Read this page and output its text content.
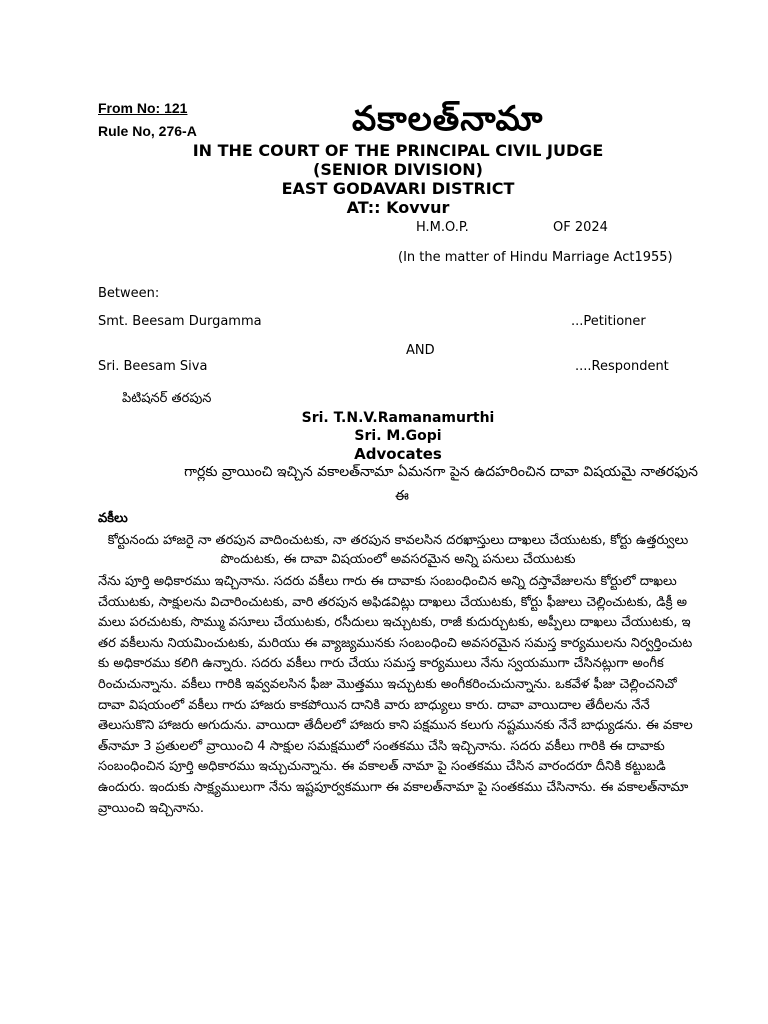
From No: 121
Rule No, 276-A	వకాలత్‌నామా
IN THE COURT OF THE PRINCIPAL CIVIL JUDGE
(SENIOR DIVISION)
EAST GODAVARI DISTRICT
AT:: Kovvur
H.M.O.P.	OF 2024
(In the matter of Hindu Marriage Act1955)
Between:
Smt. Beesam Durgamma	...Petitioner
AND
Sri. Beesam Siva	....Respondent
పిటిషనర్ తరపున
Sri. T.N.V.Ramanamurthi
Sri. M.Gopi
Advocates
గార్లకు వ్రాయించి ఇచ్చిన వకాలత్‌నామా ఏమనగా పైన ఉదహరించిన దావా విషయమై నాతరఫున
ఈ
వకీలు
కోర్టునందు హాజరై నా తరపున వాదించుటకు, నా తరపున కావలసిన దరఖాస్తులు దాఖలు చేయుటకు, కోర్టు ఉత్తర్వులు పొందుటకు, ఈ దావా విషయంలో అవసరమైన అన్ని పనులు చేయుటకు
నేను పూర్తి అధికారము ఇచ్చినాను. సదరు వకీలు గారు ఈ దావాకు సంబంధించిన అన్ని దస్తావేజులను కోర్టులో దాఖలు చేయుటకు, సాక్షులను విచారించుటకు, వారి తరపున అఫిడవిట్లు దాఖలు చేయుటకు, కోర్టు ఫీజులు చెల్లించుటకు, డిక్రీ అమలు పరచుటకు, సొమ్ము వసూలు చేయుటకు, రసీదులు ఇచ్చుటకు, రాజీ కుదుర్చుటకు, అప్పీలు దాఖలు చేయుటకు, ఇతర వకీలును నియమించుటకు, మరియు ఈ వ్యాజ్యమునకు సంబంధించి అవసరమైన సమస్త కార్యములను నిర్వర్తించుటకు అధికారము కలిగి ఉన్నారు. సదరు వకీలు గారు చేయు సమస్త కార్యములు నేను స్వయముగా చేసినట్లుగా అంగీకరించుచున్నాను. వకీలు గారికి ఇవ్వవలసిన ఫీజు మొత్తము ఇచ్చుటకు అంగీకరించుచున్నాను. ఒకవేళ ఫీజు చెల్లించనిచో దావా విషయంలో వకీలు గారు హాజరు కాకపోయిన దానికి వారు బాధ్యులు కారు. దావా వాయిదాల తేదీలను నేనే తెలుసుకొని హాజరు అగుదును. వాయిదా తేదీలలో హాజరు కాని పక్షమున కలుగు నష్టమునకు నేనే బాధ్యుడను. ఈ వకాలత్‌నామా 3 ప్రతులలో వ్రాయించి 4 సాక్షుల సమక్షములో సంతకము చేసి ఇచ్చినాను. సదరు వకీలు గారికి ఈ దావాకు సంబంధించిన పూర్తి అధికారము ఇచ్చుచున్నాను. ఈ వకాలత్ నామా పై సంతకము చేసిన వారందరూ దీనికి కట్టుబడి ఉందురు. ఇందుకు సాక్ష్యములుగా నేను ఇష్టపూర్వకముగా ఈ వకాలత్‌నామా పై సంతకము చేసినాను. ఈ వకాలత్‌నామా వ్రాయించి ఇచ్చినాను.
